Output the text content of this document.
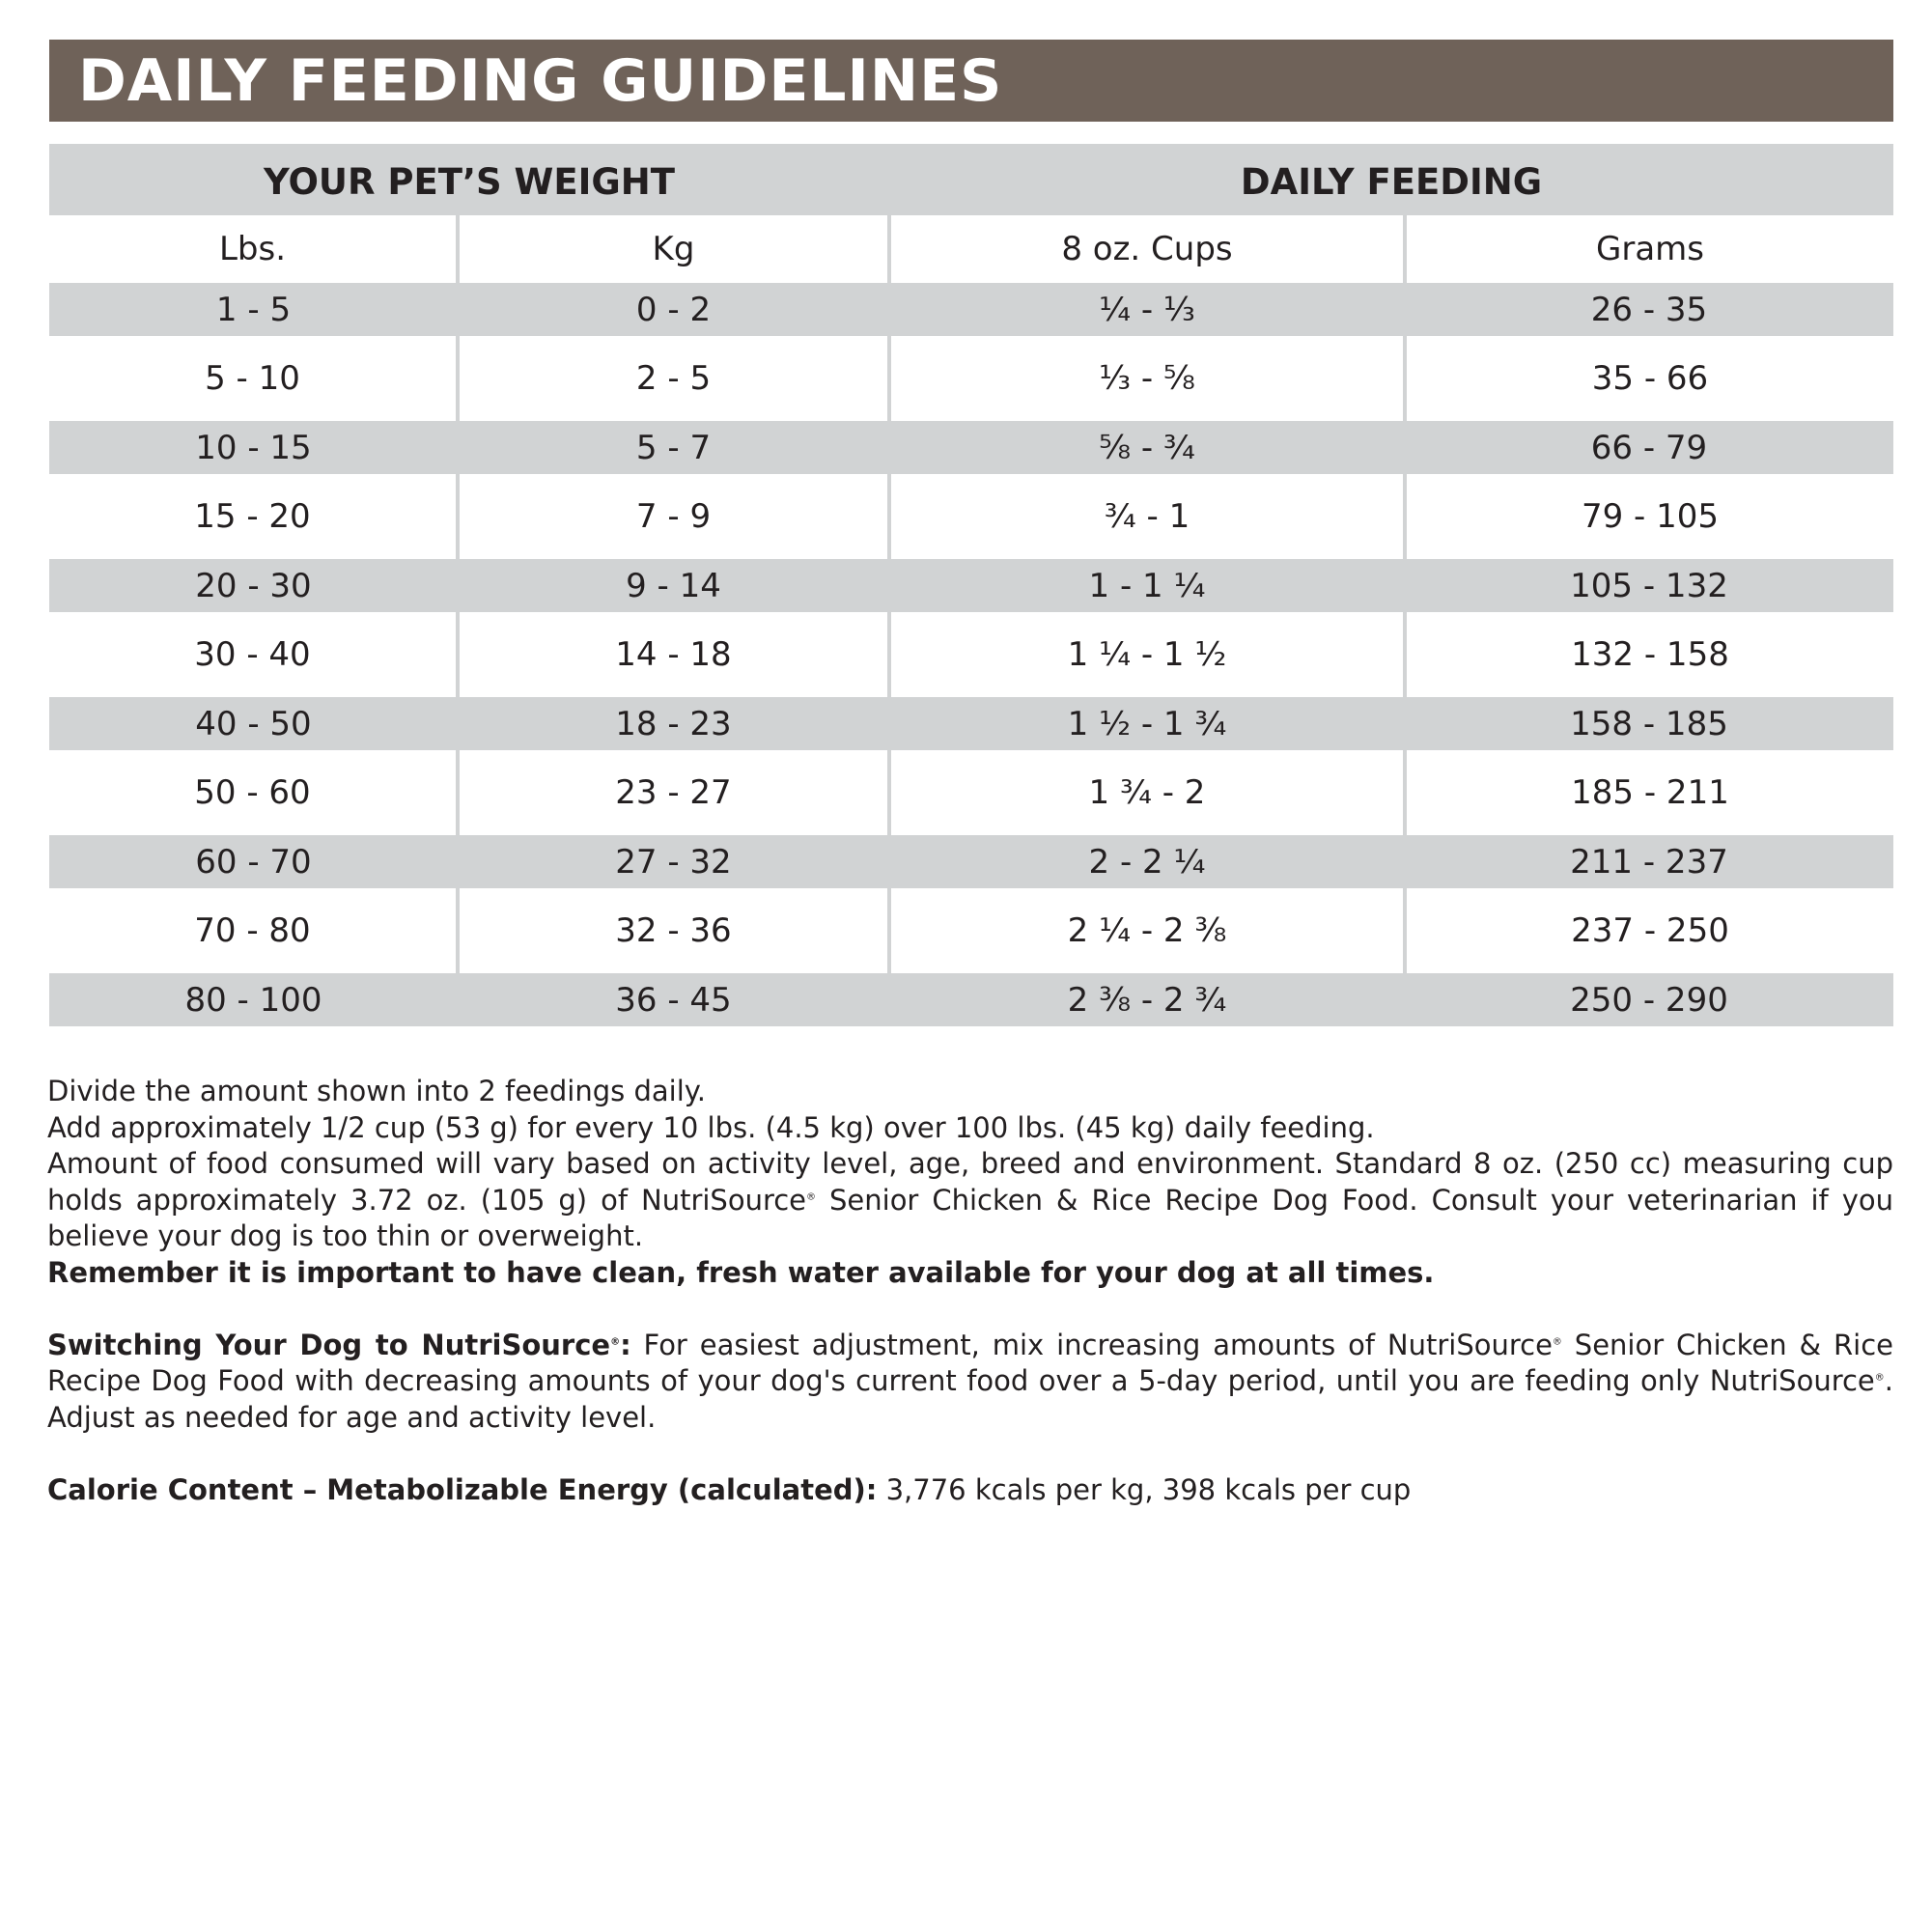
DAILY FEEDING GUIDELINES
YOUR PET’S WEIGHT		DAILY FEEDING	
Lbs.	Kg	8 oz. Cups	Grams
1 - 5	0 - 2	¼ - ⅓	26 - 35
5 - 10	2 - 5	⅓ - ⅝	35 - 66
10 - 15	5 - 7	⅝ - ¾	66 - 79
15 - 20	7 - 9	¾ - 1	79 - 105
20 - 30	9 - 14	1 - 1 ¼	105 - 132
30 - 40	14 - 18	1 ¼ - 1 ½	132 - 158
40 - 50	18 - 23	1 ½ - 1 ¾	158 - 185
50 - 60	23 - 27	1 ¾ - 2	185 - 211
60 - 70	27 - 32	2 - 2 ¼	211 - 237
70 - 80	32 - 36	2 ¼ - 2 ⅜	237 - 250
80 - 100	36 - 45	2 ⅜ - 2 ¾	250 - 290

Divide the amount shown into 2 feedings daily.

Add approximately 1/2 cup (53 g) for every 10 lbs. (4.5 kg) over 100 lbs. (45 kg) daily feeding.

Amount of food consumed will vary based on activity level, age, breed and environment. Standard 8 oz. (250 cc) measuring cup holds approximately 3.72 oz. (105 g) of NutriSource® Senior Chicken & Rice Recipe Dog Food. Consult your veterinarian if you believe your dog is too thin or overweight.

Remember it is important to have clean, fresh water available for your dog at all times.

Switching Your Dog to NutriSource®: For easiest adjustment, mix increasing amounts of NutriSource® Senior Chicken & Rice Recipe Dog Food with decreasing amounts of your dog's current food over a 5-day period, until you are feeding only NutriSource®. Adjust as needed for age and activity level.

Calorie Content – Metabolizable Energy (calculated): 3,776 kcals per kg, 398 kcals per cup
